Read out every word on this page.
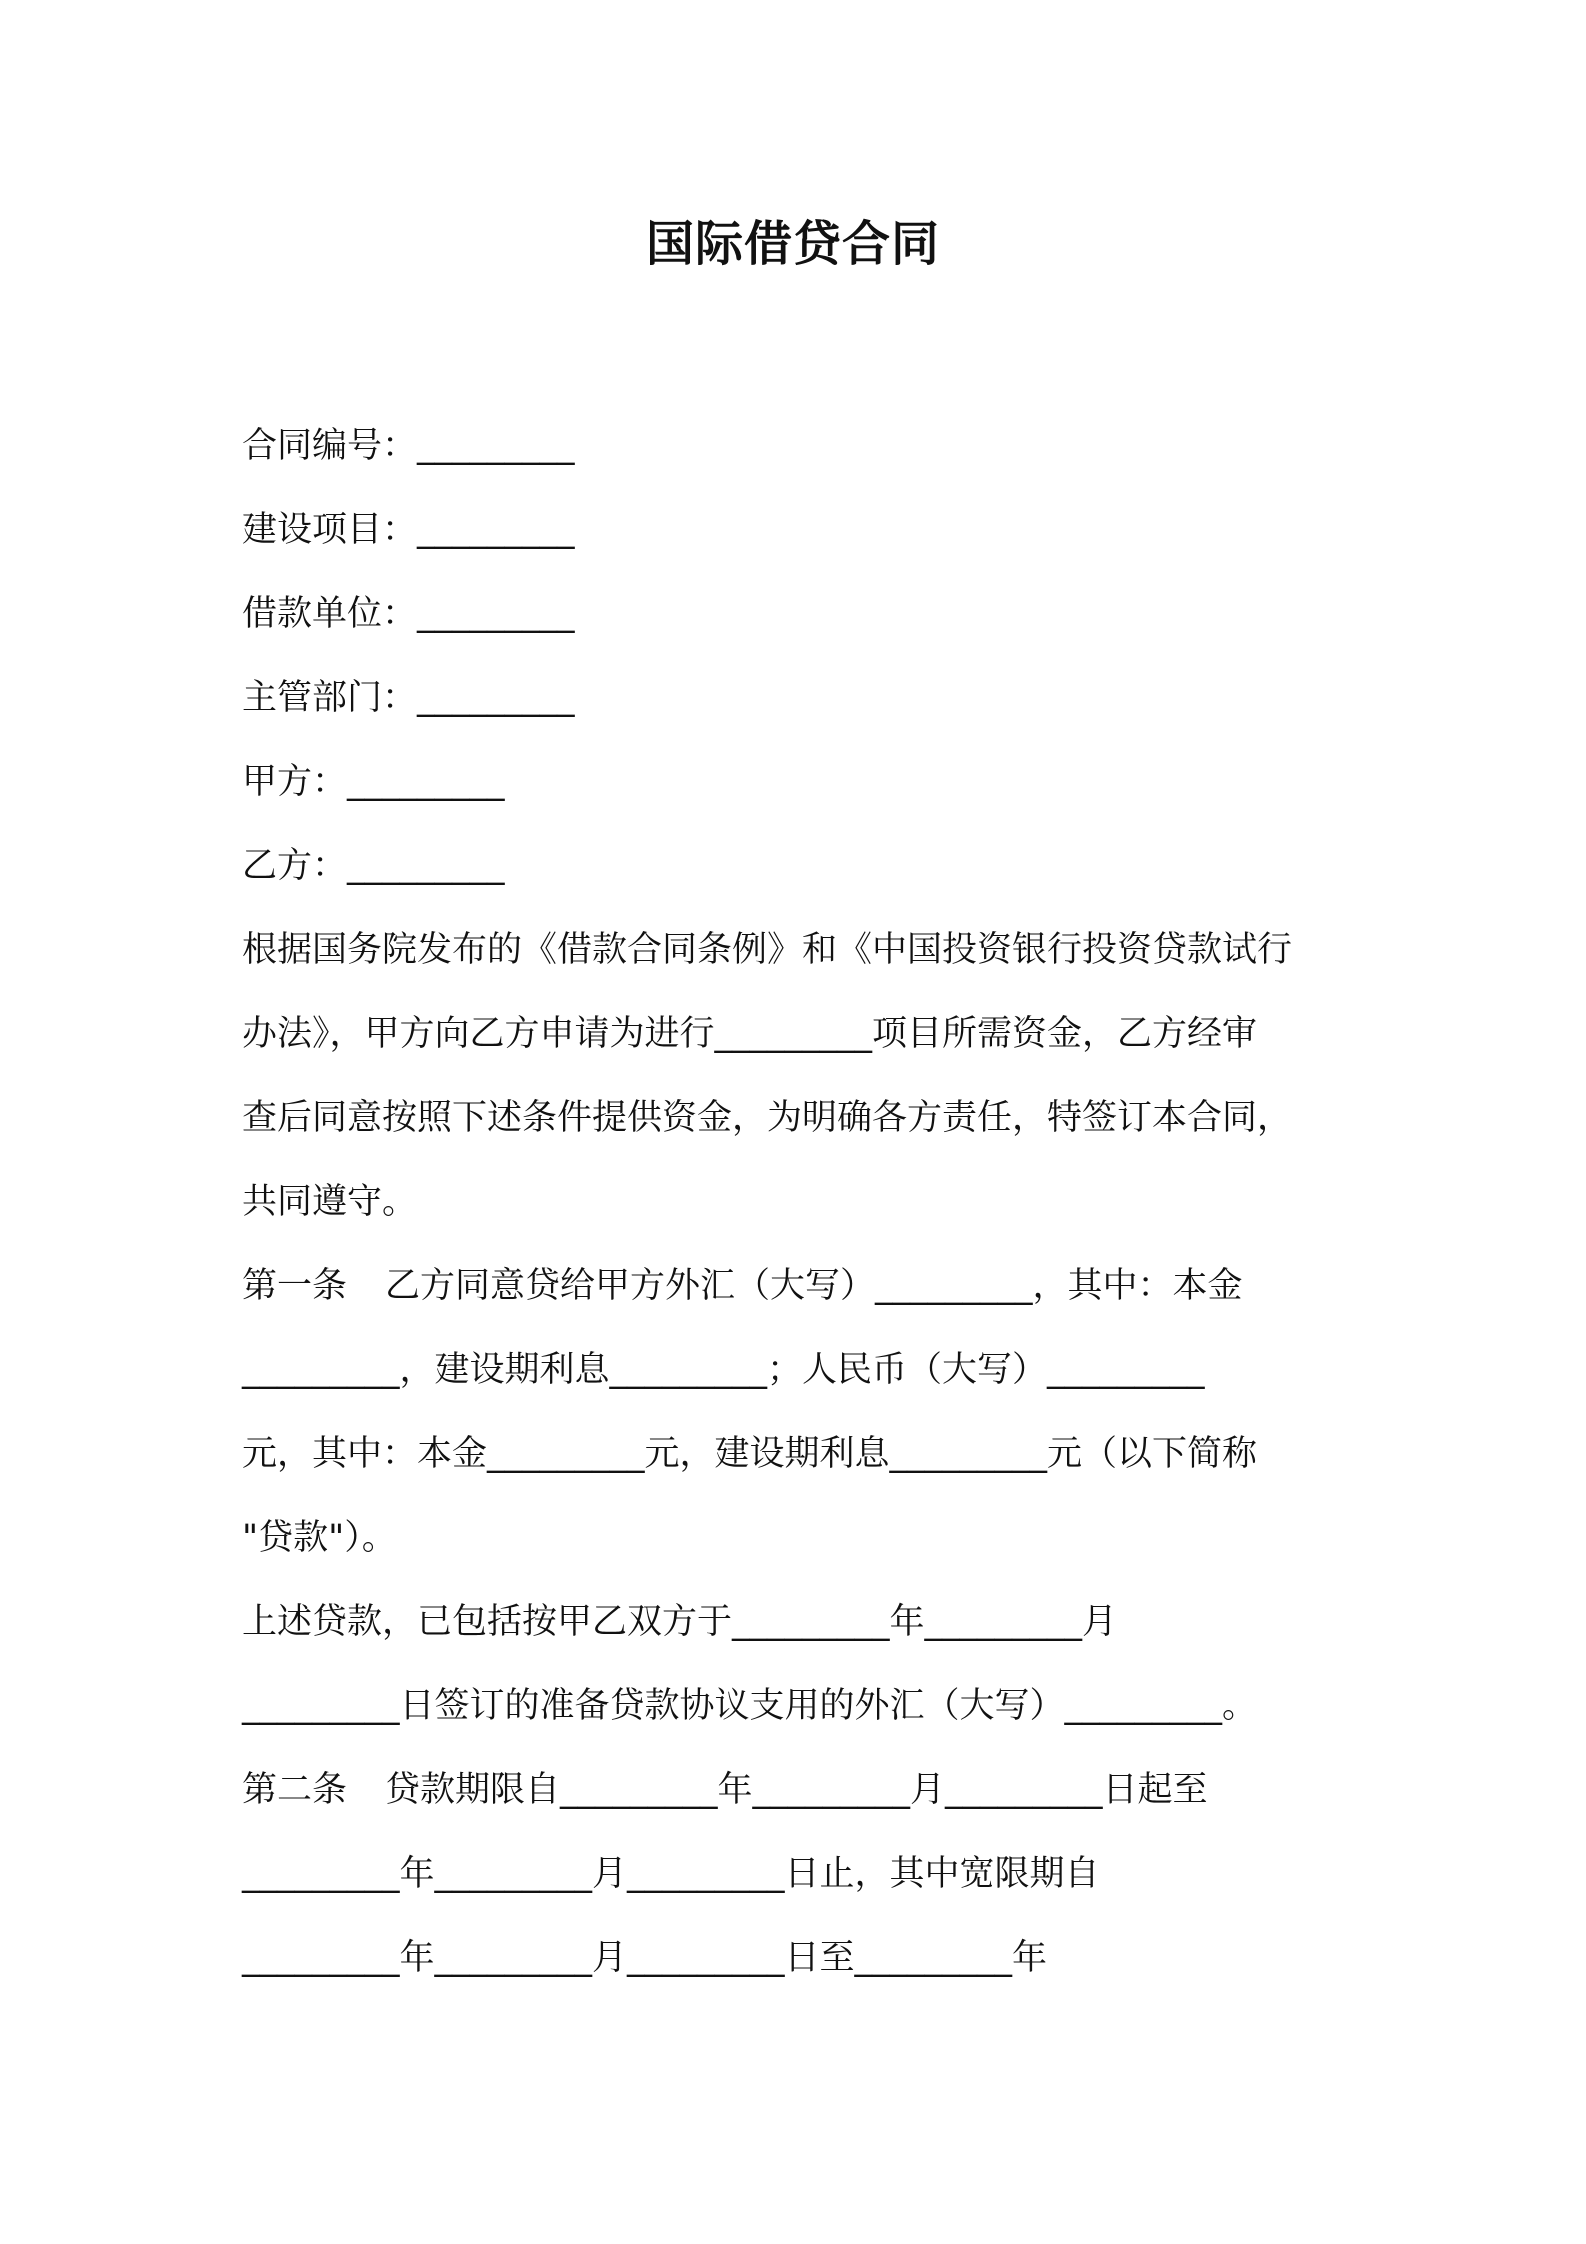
国际借贷合同
合同编号：_________
建设项目：_________
借款单位：_________
主管部门：_________
甲方：_________
乙方：_________
根据国务院发布的《借款合同条例》和《中国投资银行投资贷款试行
办法》，甲方向乙方申请为进行_________项目所需资金，乙方经审
查后同意按照下述条件提供资金，为明确各方责任，特签订本合同，
共同遵守。
第一条 乙方同意贷给甲方外汇（大写）_________，其中：本金
_________，建设期利息_________；人民币（大写）_________
元，其中：本金_________元，建设期利息_________元（以下简称
"贷款"）。
上述贷款，已包括按甲乙双方于_________年_________月
_________日签订的准备贷款协议支用的外汇（大写）_________。
第二条 贷款期限自_________年_________月_________日起至
_________年_________月_________日止，其中宽限期自
_________年_________月_________日至_________年
